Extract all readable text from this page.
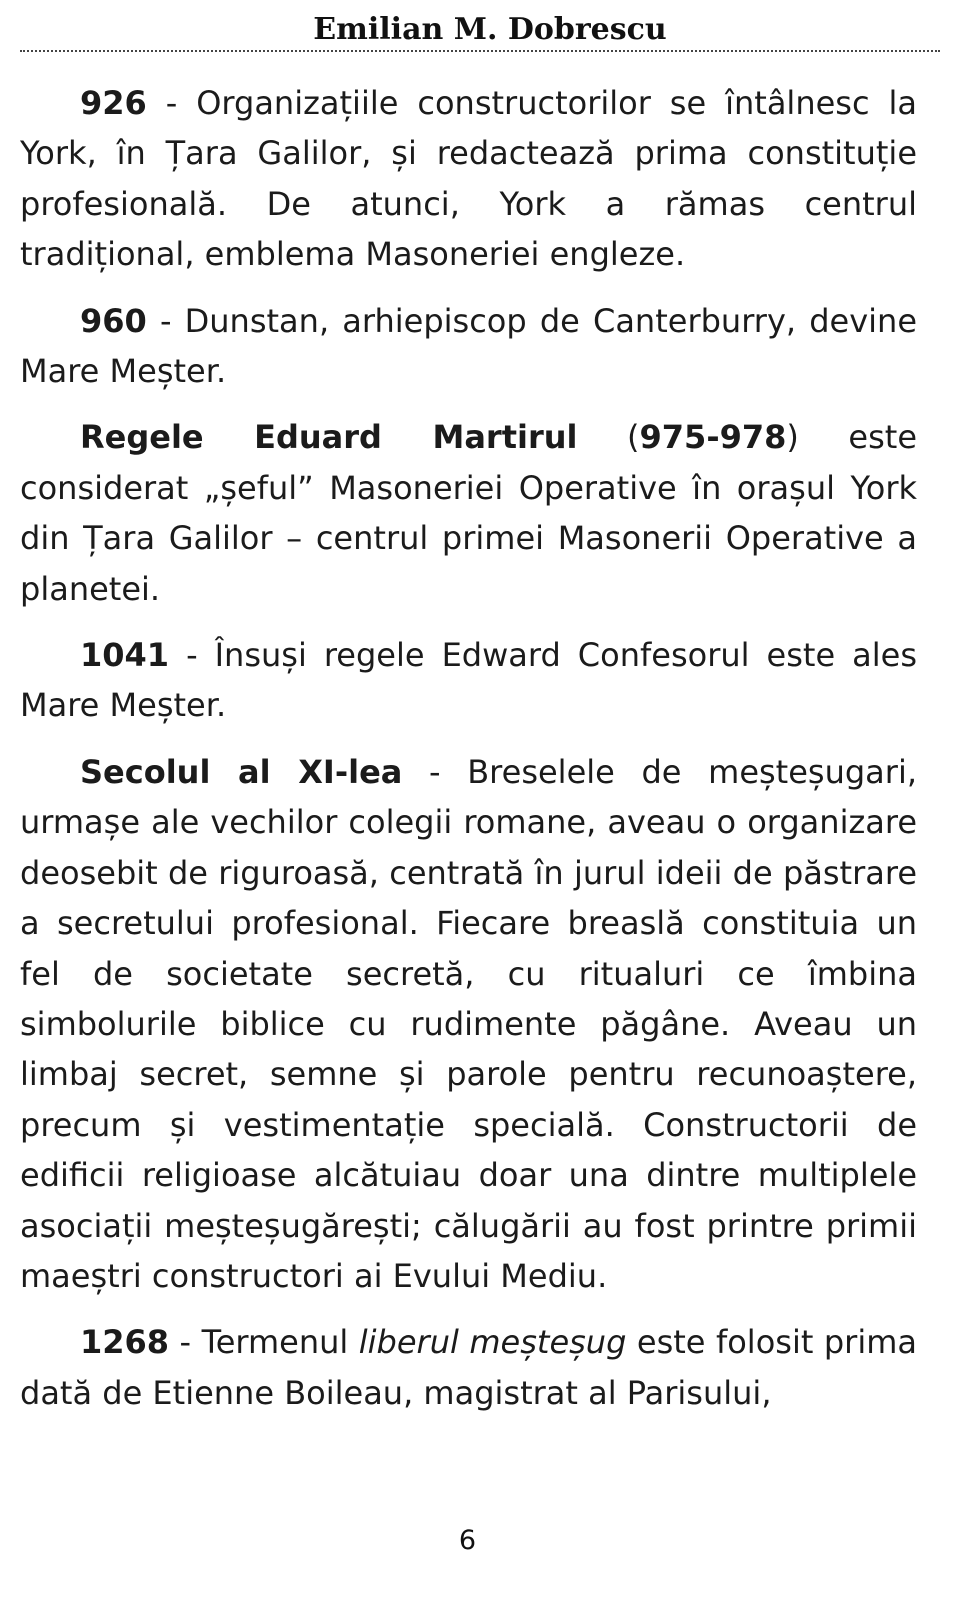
Emilian M. Dobrescu

926 - Organizațiile constructorilor se întâlnesc la York, în Țara Galilor, și redactează prima constituție profesională. De atunci, York a rămas centrul tradițional, emblema Masoneriei engleze.

960 - Dunstan, arhiepiscop de Canterburry, devine Mare Meșter.

Regele Eduard Martirul (975-978) este considerat „șeful” Masoneriei Operative în orașul York din Țara Galilor – centrul primei Masonerii Operative a planetei.

1041 - Însuși regele Edward Confesorul este ales Mare Meșter.

Secolul al XI-lea - Breselele de meșteșugari, urmașe ale vechilor colegii romane, aveau o organizare deosebit de riguroasă, centrată în jurul ideii de păstrare a secretului profesional. Fiecare breaslă constituia un fel de societate secretă, cu ritualuri ce îmbina simbolurile biblice cu rudimente păgâne. Aveau un limbaj secret, semne și parole pentru recunoaștere, precum și vestimentație specială. Constructorii de edificii religioase alcătuiau doar una dintre multiplele asociații meșteșugărești; călugării au fost printre primii maeștri constructori ai Evului Mediu.

1268 - Termenul liberul meșteșug este folosit prima dată de Etienne Boileau, magistrat al Parisului,

6
